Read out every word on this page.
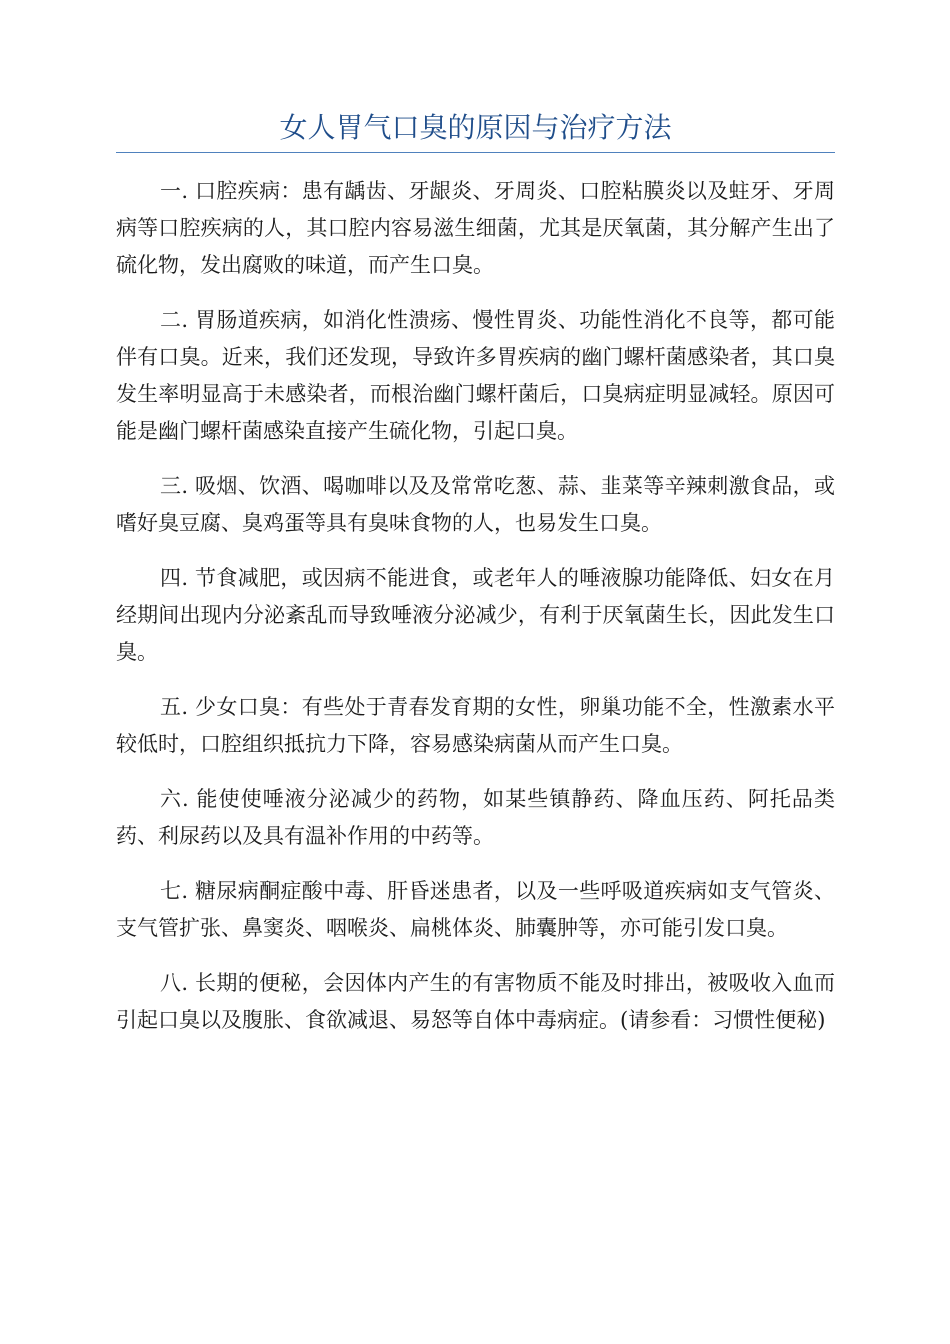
女人胃气口臭的原因与治疗方法

一. 口腔疾病：患有龋齿、牙龈炎、牙周炎、口腔粘膜炎以及蛀牙、牙周病等口腔疾病的人，其口腔内容易滋生细菌，尤其是厌氧菌，其分解产生出了硫化物，发出腐败的味道，而产生口臭。

二. 胃肠道疾病，如消化性溃疡、慢性胃炎、功能性消化不良等，都可能伴有口臭。近来，我们还发现，导致许多胃疾病的幽门螺杆菌感染者，其口臭发生率明显高于未感染者，而根治幽门螺杆菌后，口臭病症明显减轻。原因可能是幽门螺杆菌感染直接产生硫化物，引起口臭。

三. 吸烟、饮酒、喝咖啡以及及常常吃葱、蒜、韭菜等辛辣刺激食品，或嗜好臭豆腐、臭鸡蛋等具有臭味食物的人，也易发生口臭。

四. 节食减肥，或因病不能进食，或老年人的唾液腺功能降低、妇女在月经期间出现内分泌紊乱而导致唾液分泌减少，有利于厌氧菌生长，因此发生口臭。

五. 少女口臭：有些处于青春发育期的女性，卵巢功能不全，性激素水平较低时，口腔组织抵抗力下降，容易感染病菌从而产生口臭。

六. 能使使唾液分泌减少的药物，如某些镇静药、降血压药、阿托品类药、利尿药以及具有温补作用的中药等。

七. 糖尿病酮症酸中毒、肝昏迷患者，以及一些呼吸道疾病如支气管炎、支气管扩张、鼻窦炎、咽喉炎、扁桃体炎、肺囊肿等，亦可能引发口臭。

八. 长期的便秘，会因体内产生的有害物质不能及时排出，被吸收入血而引起口臭以及腹胀、食欲减退、易怒等自体中毒病症。(请参看：习惯性便秘)
